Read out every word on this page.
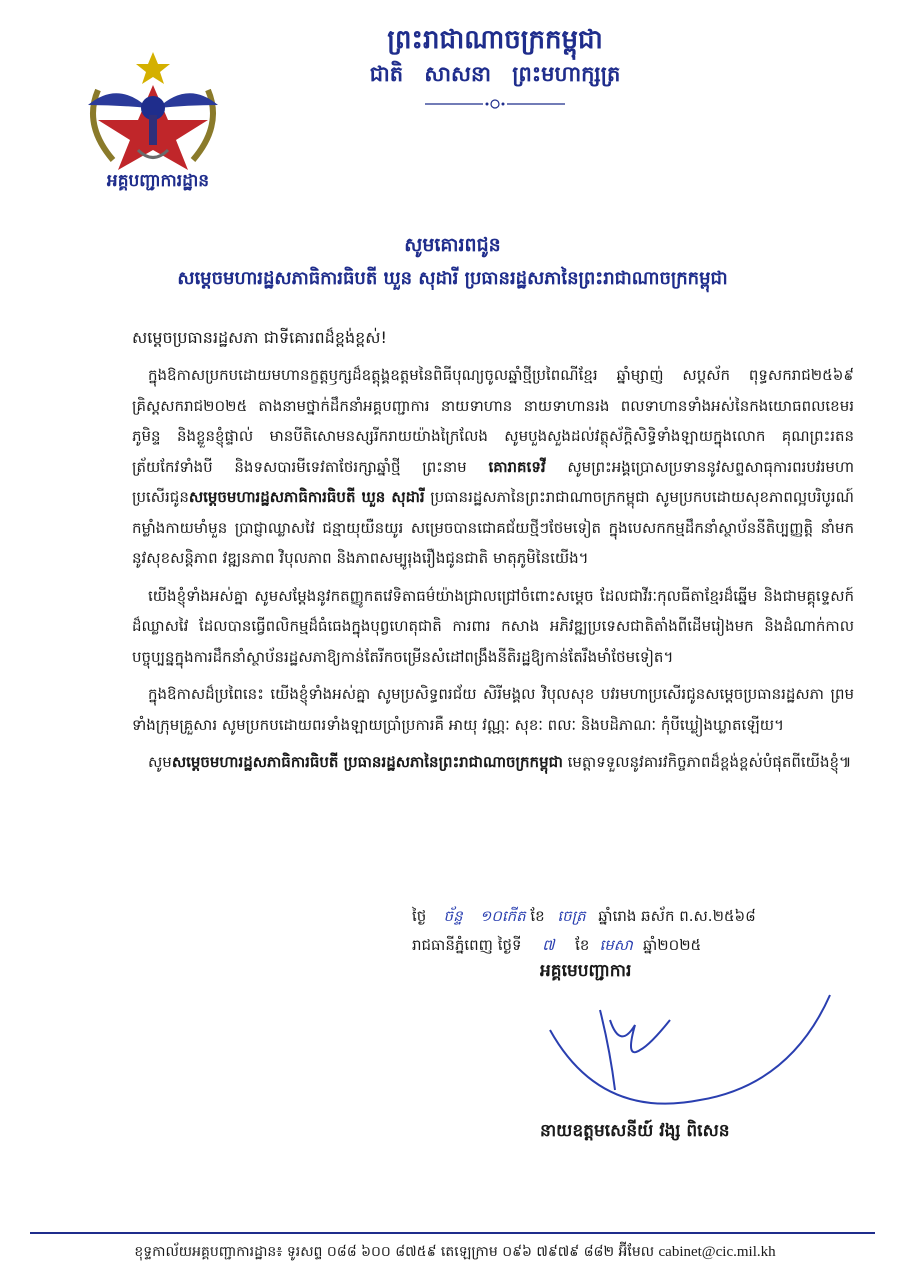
អគ្គបញ្ជាការដ្ឋាន
ព្រះរាជាណាចក្រកម្ពុជា
ជាតិ សាសនា ព្រះមហាក្សត្រ
សូមគោរពជូន
សម្តេចមហារដ្ឋសភាធិការធិបតី ឃួន សុដារី ប្រធានរដ្ឋសភានៃព្រះរាជាណាចក្រកម្ពុជា
សម្តេចប្រធានរដ្ឋសភា ជាទីគោរពដ៏ខ្ពង់ខ្ពស់!

ក្នុងឱកាសប្រកបដោយមហានក្ខត្តឫក្សដ៏ឧត្តុង្គឧត្តមនៃពិធីបុណ្យចូលឆ្នាំថ្មីប្រពៃណីខ្មែរ ឆ្នាំម្សាញ់ សប្តស័ក ពុទ្ធសករាជ២៥៦៩ គ្រិស្តសករាជ២០២៥ តាងនាមថ្នាក់ដឹកនាំអគ្គបញ្ជាការ នាយទាហាន នាយទាហានរង ពលទាហានទាំងអស់នៃកងយោធពលខេមរភូមិន្ទ និងខ្លួនខ្ញុំផ្ទាល់ មានបីតិសោមនស្សរីករាយយ៉ាងក្រៃលែង សូមបួងសួងដល់វត្ថុស័ក្តិសិទ្ធិទាំងឡាយក្នុងលោក គុណព្រះរតនត្រ័យកែវទាំងបី និងទសបារមីទេវតាថែរក្សាឆ្នាំថ្មី ព្រះនាម គោរាគទេវី សូមព្រះអង្គប្រោសប្រទាននូវសព្ទសាធុការពរបវរមហាប្រសើរជូនសម្តេចមហារដ្ឋសភាធិការធិបតី ឃួន សុដារី ប្រធានរដ្ឋសភានៃព្រះរាជាណាចក្រកម្ពុជា សូមប្រកបដោយសុខភាពល្អបរិបូរណ៍ កម្លាំងកាយមាំមួន ប្រាជ្ញាឈ្លាសវៃ ជន្មាយុយឺនយូរ សម្រេចបានជោគជ័យថ្មីៗថែមទៀត ក្នុងបេសកកម្មដឹកនាំស្ថាប័ននីតិប្បញ្ញត្តិ នាំមកនូវសុខសន្តិភាព វឌ្ឍនភាព វិបុលភាព និងភាពសម្បូរុងរឿងជូនជាតិ មាតុភូមិនៃយើង។

យើងខ្ញុំទាំងអស់គ្នា សូមសម្តែងនូវកតញ្ញូកតវេទិតាធម៌យ៉ាងជ្រាលជ្រៅចំពោះសម្តេច ដែលជាវីរៈកុលធីតាខ្មែរដ៏ឆ្នើម និងជាមគ្គុទ្ទេសក៍ដ៏ឈ្លាសវៃ ដែលបានធ្វើពលិកម្មដ៏ធំធេងក្នុងបុព្វហេតុជាតិ ការពារ កសាង អភិវឌ្ឍប្រទេសជាតិតាំងពីដើមរៀងមក និងដំណាក់កាលបច្ចុប្បន្នក្នុងការដឹកនាំស្ថាប័នរដ្ឋសភាឱ្យកាន់តែរីកចម្រើនសំដៅពង្រឹងនីតិរដ្ឋឱ្យកាន់តែរឹងមាំថែមទៀត។

ក្នុងឱកាសដ៏ប្រពៃនេះ យើងខ្ញុំទាំងអស់គ្នា សូមប្រសិទ្ធពរជ័យ សិរីមង្គល វិបុលសុខ បវរមហាប្រសើរជូនសម្តេចប្រធានរដ្ឋសភា ព្រមទាំងក្រុមគ្រួសារ សូមប្រកបដោយពរទាំងឡាយប្រាំប្រការគឺ អាយុ វណ្ណៈ សុខៈ ពលៈ និងបដិភាណៈ កុំបីឃ្លៀងឃ្លាតឡើយ។

សូមសម្តេចមហារដ្ឋសភាធិការធិបតី ប្រធានរដ្ឋសភានៃព្រះរាជាណាចក្រកម្ពុជា មេត្តាទទួលនូវគារវកិច្ចភាពដ៏ខ្ពង់ខ្ពស់បំផុតពីយើងខ្ញុំ៕

ថ្ងៃ ច័ន្ទ ១០កើត ខែ ចេត្រ ឆ្នាំរោង ឆស័ក ព.ស.២៥៦៨
រាជធានីភ្នំពេញ ថ្ងៃទី ៧ ខែ មេសា ឆ្នាំ២០២៥
អគ្គមេបញ្ជាការ
នាយឧត្តមសេនីយ៍ វង្ស ពិសេន
ខុទ្ទកាល័យអគ្គបញ្ជាការដ្ឋាន៖ ទូរសព្ទ ០៨៨ ៦០០ ៨៧៥៩ តេឡេក្រាម ០៩៦ ៧៩៧៩ ៨៨២ អ៊ីមែល cabinet@cic.mil.kh
